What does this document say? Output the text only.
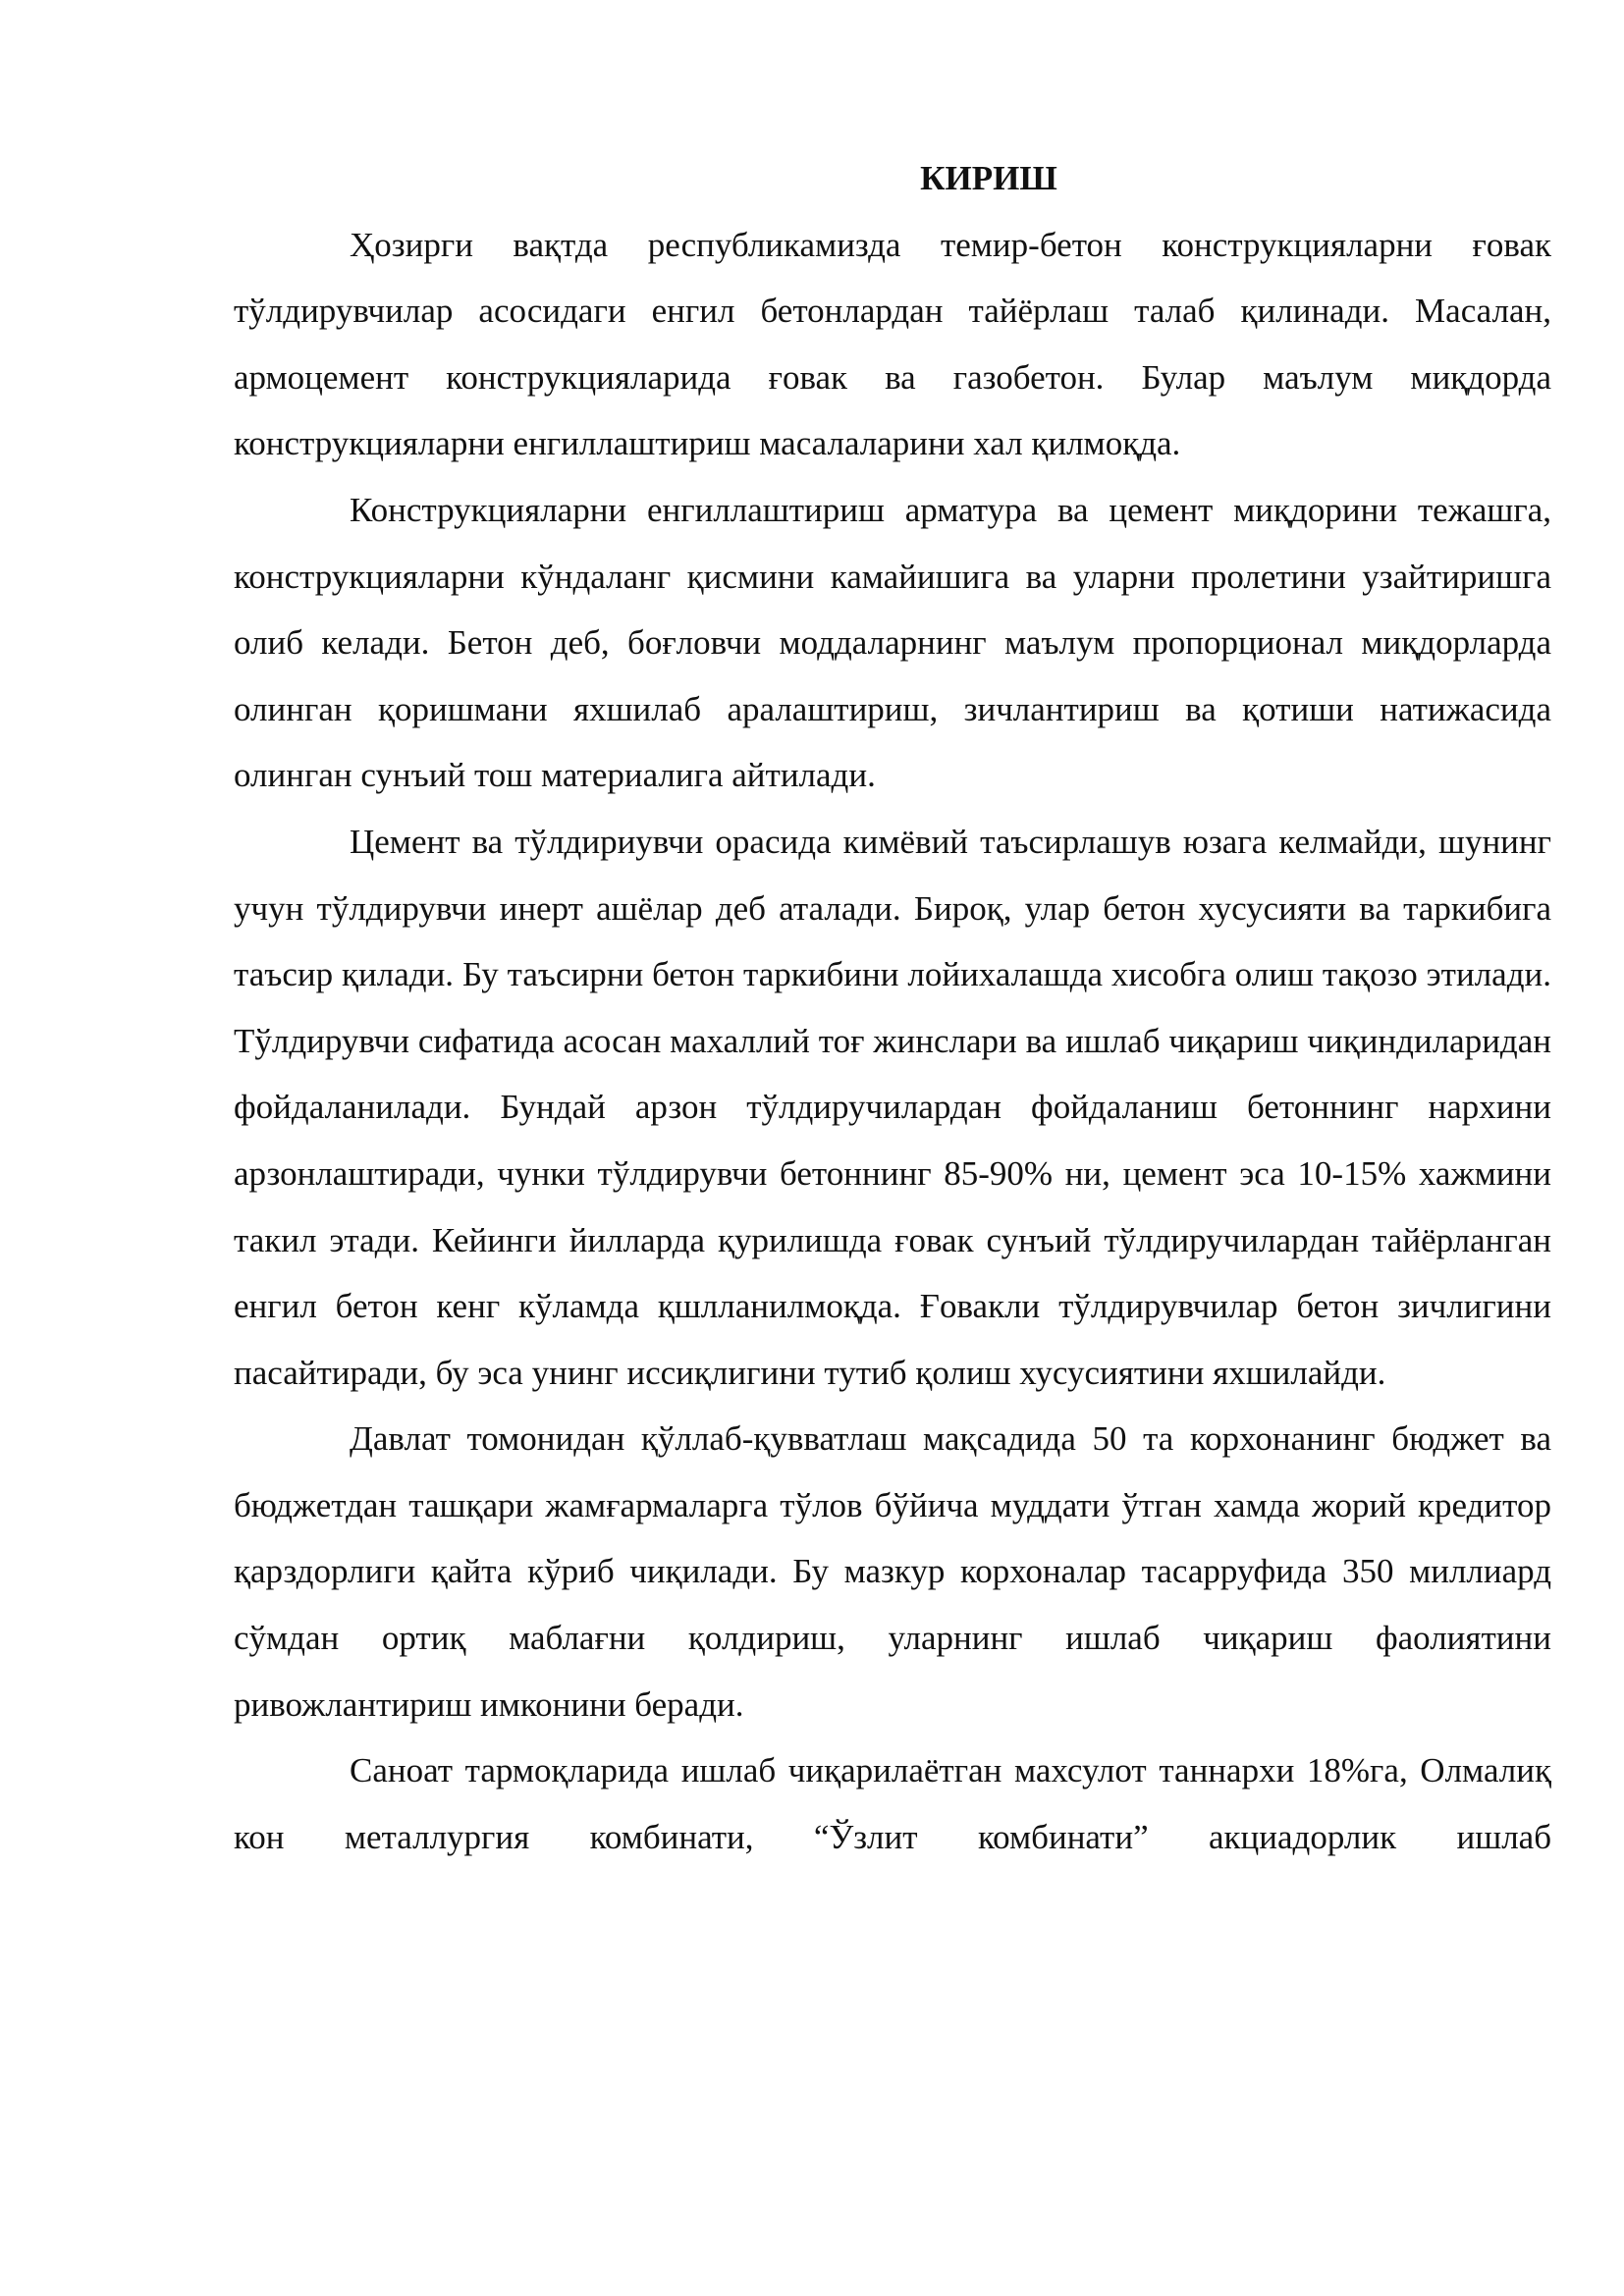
КИРИШ

Ҳозирги вақтда республикамизда темир-бетон конструкцияларни ғовак тўлдирувчилар асосидаги енгил бетонлардан тайёрлаш талаб қилинади. Масалан, армоцемент конструкцияларида ғовак ва газобетон. Булар маълум миқдорда конструкцияларни енгиллаштириш масалаларини хал қилмоқда.

Конструкцияларни енгиллаштириш арматура ва цемент миқдорини тежашга, конструкцияларни кўндаланг қисмини камайишига ва уларни пролетини узайтиришга олиб келади. Бетон деб, боғловчи моддаларнинг маълум пропорционал миқдорларда олинган қоришмани яхшилаб аралаштириш, зичлантириш ва қотиши натижасида олинган сунъий тош материалига айтилади.

Цемент ва тўлдириувчи орасида кимёвий таъсирлашув юзага келмайди, шунинг учун тўлдирувчи инерт ашёлар деб аталади. Бироқ, улар бетон хусусияти ва таркибига таъсир қилади. Бу таъсирни бетон таркибини лойихалашда хисобга олиш тақозо этилади. Тўлдирувчи сифатида асосан махаллий тоғ жинслари ва ишлаб чиқариш чиқиндиларидан фойдаланилади. Бундай арзон тўлдиручилардан фойдаланиш бетоннинг нархини арзонлаштиради, чунки тўлдирувчи бетоннинг 85-90% ни, цемент эса 10-15% хажмини такил этади. Кейинги йилларда қурилишда ғовак сунъий тўлдиручилардан тайёрланган енгил бетон кенг кўламда қшлланилмоқда. Ғовакли тўлдирувчилар бетон зичлигини пасайтиради, бу эса унинг иссиқлигини тутиб қолиш хусусиятини яхшилайди.

Давлат томонидан қўллаб-қувватлаш мақсадида 50 та корхонанинг бюджет ва бюджетдан ташқари жамғармаларга тўлов бўйича муддати ўтган хамда жорий кредитор қарздорлиги қайта кўриб чиқилади. Бу мазкур корхоналар тасарруфида 350 миллиард сўмдан ортиқ маблағни қолдириш, уларнинг ишлаб чиқариш фаолиятини ривожлантириш имконини беради.

Саноат тармоқларида ишлаб чиқарилаётган махсулот таннархи 18%га, Олмалиқ кон металлургия комбинати, “Ўзлит комбинати” акциадорлик ишлаб
